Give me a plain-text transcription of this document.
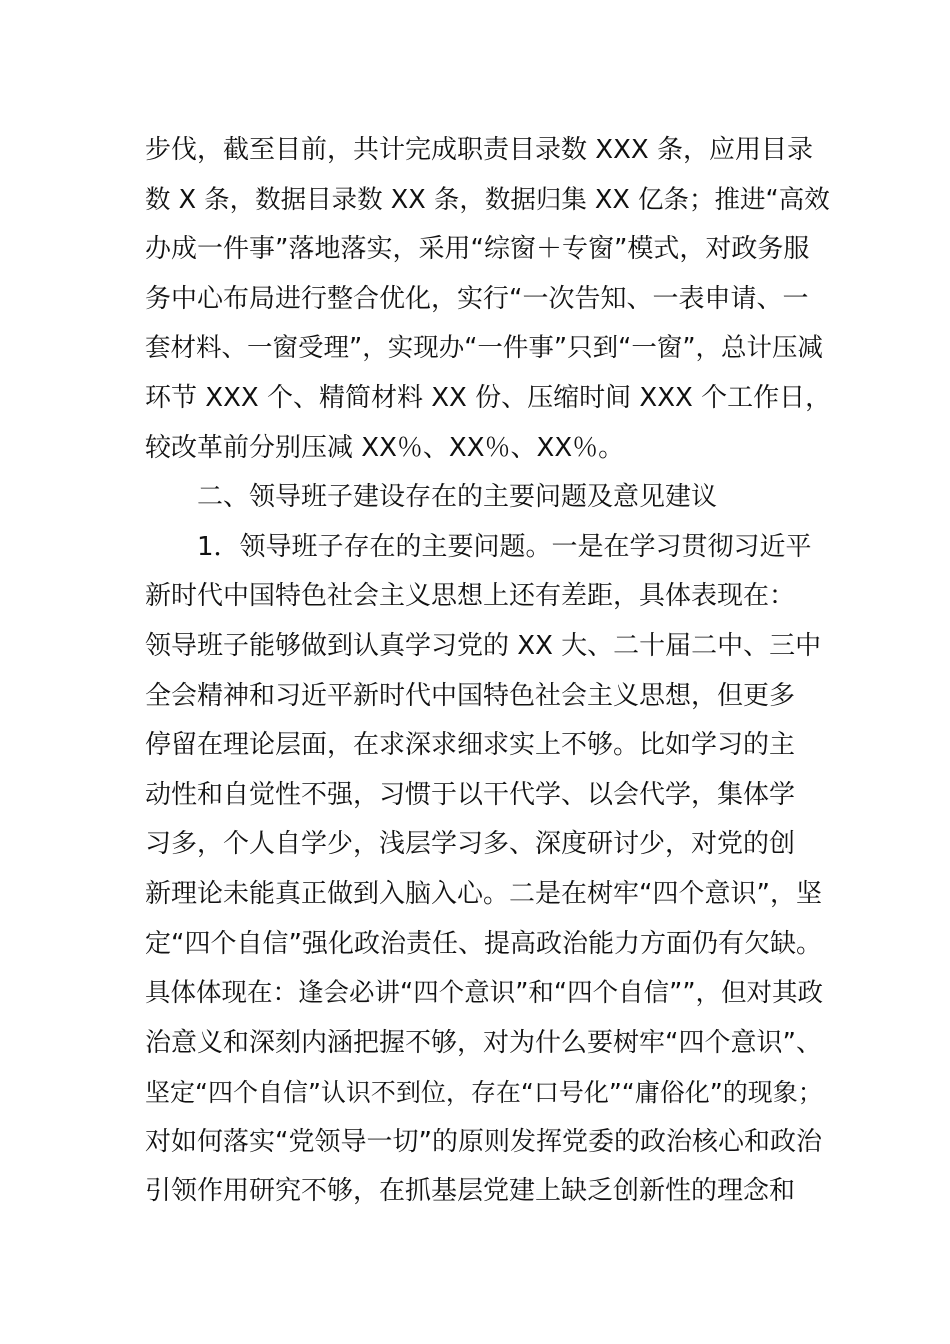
步伐，截至目前，共计完成职责目录数 XXX 条，应用目录
数 X 条，数据目录数 XX 条，数据归集 XX 亿条；推进“高效
办成一件事”落地落实，采用“综窗＋专窗”模式，对政务服
务中心布局进行整合优化，实行“一次告知、一表申请、一
套材料、一窗受理”，实现办“一件事”只到“一窗”，总计压减
环节 XXX 个、精简材料 XX 份、压缩时间 XXX 个工作日，
较改革前分别压减 XX％、XX％、XX％。
二、领导班子建设存在的主要问题及意见建议
1．领导班子存在的主要问题。一是在学习贯彻习近平
新时代中国特色社会主义思想上还有差距，具体表现在：
领导班子能够做到认真学习党的 XX 大、二十届二中、三中
全会精神和习近平新时代中国特色社会主义思想，但更多
停留在理论层面，在求深求细求实上不够。比如学习的主
动性和自觉性不强，习惯于以干代学、以会代学，集体学
习多，个人自学少，浅层学习多、深度研讨少，对党的创
新理论未能真正做到入脑入心。二是在树牢“四个意识”，坚
定“四个自信”强化政治责任、提高政治能力方面仍有欠缺。
具体体现在：逢会必讲“四个意识”和“四个自信””，但对其政
治意义和深刻内涵把握不够，对为什么要树牢“四个意识”、
坚定“四个自信”认识不到位，存在“口号化”“庸俗化”的现象；
对如何落实“党领导一切”的原则发挥党委的政治核心和政治
引领作用研究不够，在抓基层党建上缺乏创新性的理念和
